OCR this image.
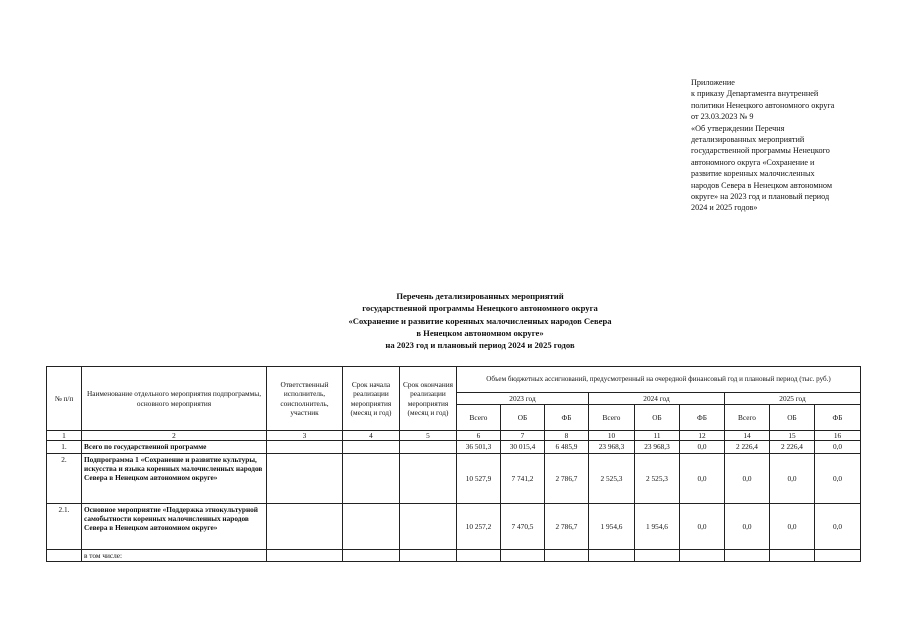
Приложение
к приказу Департамента внутренней
политики Ненецкого автономного округа
от 23.03.2023 № 9
«Об утверждении Перечня
детализированных мероприятий
государственной программы Ненецкого
автономного округа «Сохранение и
развитие коренных малочисленных
народов Севера в Ненецком автономном
округе» на 2023 год и плановый период
2024 и 2025 годов»
Перечень детализированных мероприятий
государственной программы Ненецкого автономного округа
«Сохранение и развитие коренных малочисленных народов Севера
в Ненецком автономном округе»
на 2023 год и плановый период 2024 и 2025 годов
№ п/п	Наименование отдельного мероприятия подпрограммы, основного мероприятия	Ответственный исполнитель, соисполнитель, участник	Срок начала реализации мероприятия (месяц и год)	Срок окончания реализации мероприятия (месяц и год)	Объем бюджетных ассигнований, предусмотренный на очередной финансовый год и плановый период (тыс. руб.)								
					2023 год			2024 год			2025 год		
					Всего	ОБ	ФБ	Всего	ОБ	ФБ	Всего	ОБ	ФБ
1	2	3	4	5	6	7	8	10	11	12	14	15	16
1.	Всего по государственной программе				36 501,3	30 015,4	6 485,9	23 968,3	23 968,3	0,0	2 226,4	2 226,4	0,0
2.	Подпрограмма 1 «Сохранение и развитие культуры, искусства и языка коренных малочисленных народов Севера в Ненецком автономном округе»				10 527,9	7 741,2	2 786,7	2 525,3	2 525,3	0,0	0,0	0,0	0,0
2.1.	Основное мероприятие «Поддержка этнокультурной самобытности коренных малочисленных народов Севера в Ненецком автономном округе»				10 257,2	7 470,5	2 786,7	1 954,6	1 954,6	0,0	0,0	0,0	0,0
	в том числе:												
